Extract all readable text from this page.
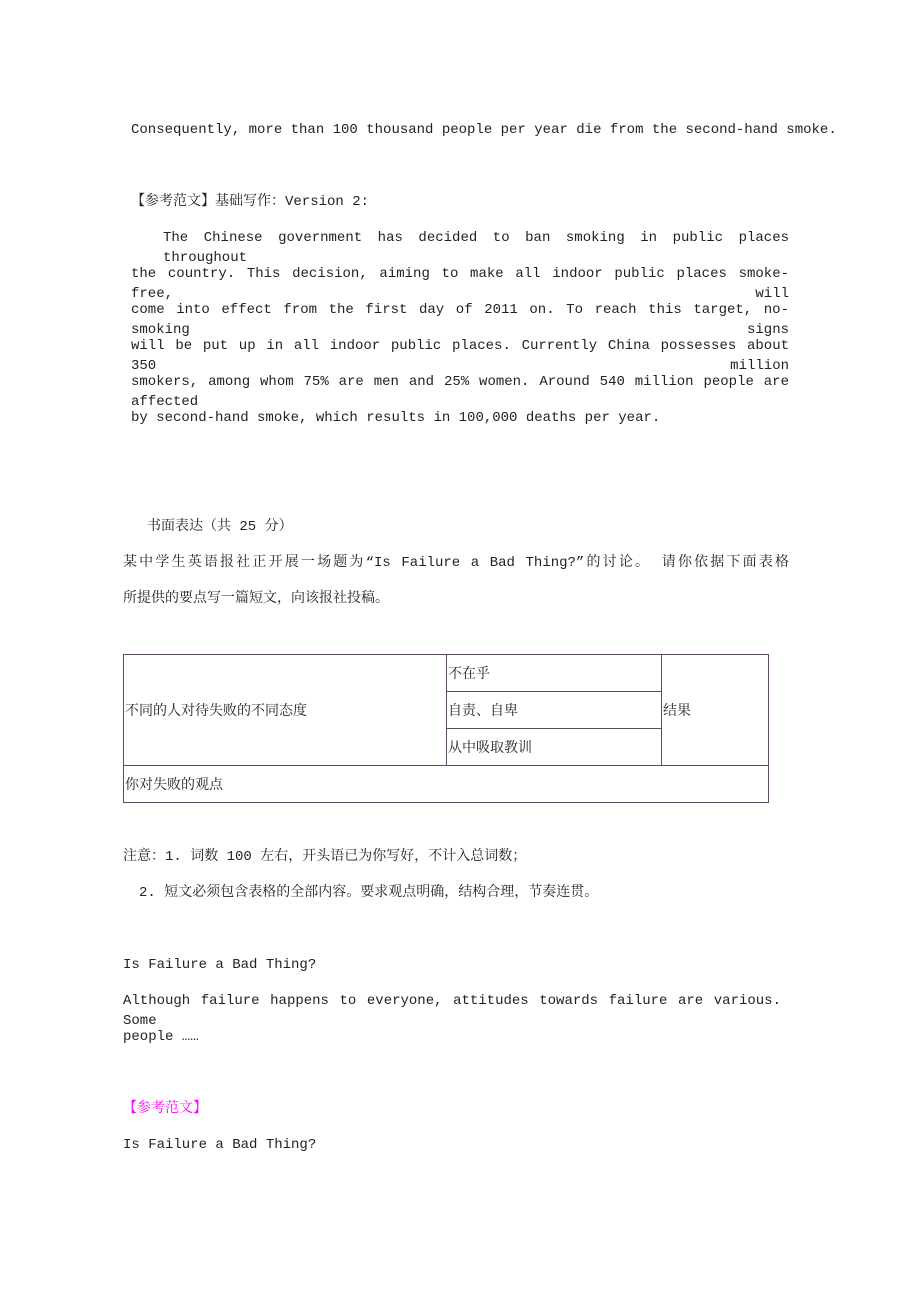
Consequently, more than 100 thousand people per year die from the second-hand smoke.
【参考范文】基础写作：Version 2:
The Chinese government has decided to ban smoking in public places throughout
the country. This decision, aiming to make all indoor public places smoke-free, will
come into effect from the first day of 2011 on. To reach this target, no-smoking signs
will be put up in all indoor public places. Currently China possesses about 350 million
smokers, among whom 75% are men and 25% women. Around 540 million people are affected
by second-hand smoke, which results in 100,000 deaths per year.
书面表达（共 25 分）
某中学生英语报社正开展一场题为“Is Failure a Bad Thing?”的讨论。 请你依据下面表格
所提供的要点写一篇短文，向该报社投稿。
不同的人对待失败的不同态度	不在乎	结果
自责、自卑
从中吸取教训
你对失败的观点
注意：1. 词数 100 左右，开头语已为你写好，不计入总词数；
2. 短文必须包含表格的全部内容。要求观点明确，结构合理，节奏连贯。
Is Failure a Bad Thing?
Although failure happens to everyone, attitudes towards failure are various. Some
people ……
【参考范文】
Is Failure a Bad Thing?
